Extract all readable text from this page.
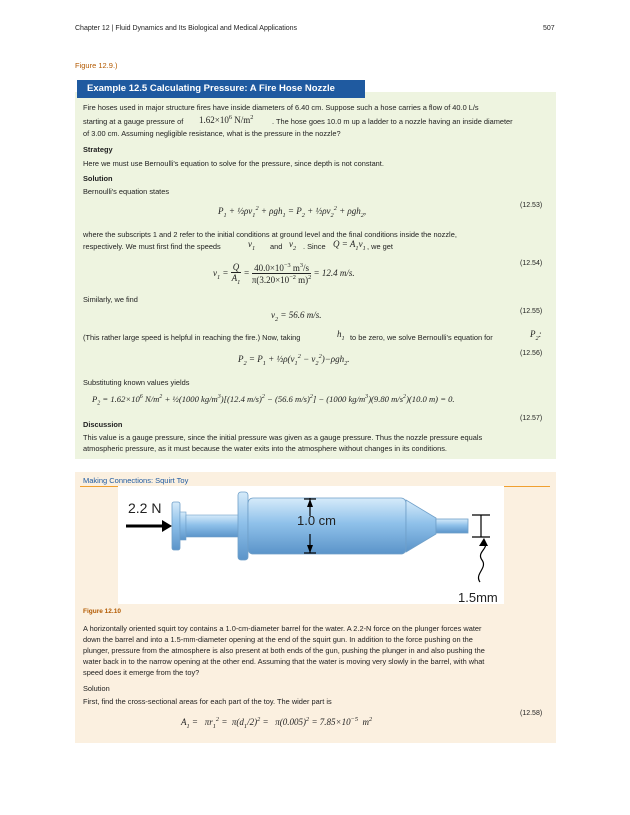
Chapter 12 | Fluid Dynamics and Its Biological and Medical Applications	507
Figure 12.9.)
Example 12.5 Calculating Pressure: A Fire Hose Nozzle
Fire hoses used in major structure fires have inside diameters of 6.40 cm. Suppose such a hose carries a flow of 40.0 L/s
starting at a gauge pressure of $1.62\times 10^6$ $N/m^2$	. The hose goes 10.0 m up a ladder to a nozzle having an inside diameter
of 3.00 cm. Assuming negligible resistance, what is the pressure in the nozzle?
Strategy
Here we must use Bernoulli's equation to solve for the pressure, since depth is not constant.
Solution
Bernoulli's equation states
$P_1$ + $\frac{1}{2}\rho v_1^2 + \rho gh_1 = P_2$ + $\frac{1}{2}\rho v_2^2 + \rho gh_2$,
(12.53)
where the subscripts 1 and 2 refer to the initial conditions at ground level and the final conditions inside the nozzle,
respectively. We must first find the speeds	$v_1$ and $v_2$ . Since $Q = A_1v_1$ , we get
$v_1 = \frac{Q}{A_1} = \frac{40.0\times 10^{-3} m^3/s}{\pi(3.20\times 10^{-2} m)^2} = 12.4$ m/s.
(12.54)
Similarly, we find
$v_2 = 56.6$ m/s.	(12.55)
(This rather large speed is helpful in reaching the fire.) Now, taking	$h_1$ to be zero, we solve Bernoulli's equation for	$P_2$:
$P_2 = P_1$ + $\frac{1}{2}\rho(v_1^2 - v_2^2)-\rho gh_2$.
(12.56)
Substituting known values yields
$P_2 = 1.62\times 10^6$ $N/m^2$ + ½(1000 $kg/m^3)[(12.4$ m/s)$^2$ − (56.6 m/s)$^2$] − (1000 $kg/m^3)(9.80$ $m/s^2)(10.0$ m) = 0.
(12.57)
Discussion
This value is a gauge pressure, since the initial pressure was given as a gauge pressure. Thus the nozzle pressure equals
atmospheric pressure, as it must because the water exits into the atmosphere without changes in its conditions.
Making Connections: Squirt Toy
2.2 N
1.0 cm
1.5mm
Figure 12.10
A horizontally oriented squirt toy contains a 1.0-cm-diameter barrel for the water. A 2.2-N force on the plunger forces water
down the barrel and into a 1.5-mm-diameter opening at the end of the squirt gun. In addition to the force pushing on the
plunger, pressure from the atmosphere is also present at both ends of the gun, pushing the plunger in and also pushing the
water back in to the narrow opening at the other end. Assuming that the water is moving very slowly in the barrel, with what
speed does it emerge from the toy?
Solution
First, find the cross-sectional areas for each part of the toy. The wider part is
$A_1 = \pi r_1^2 = \pi(d_1/2)^2 = \pi(0.005)^2 = 7.85\times 10^{-5}$  $m^2$
(12.58)
